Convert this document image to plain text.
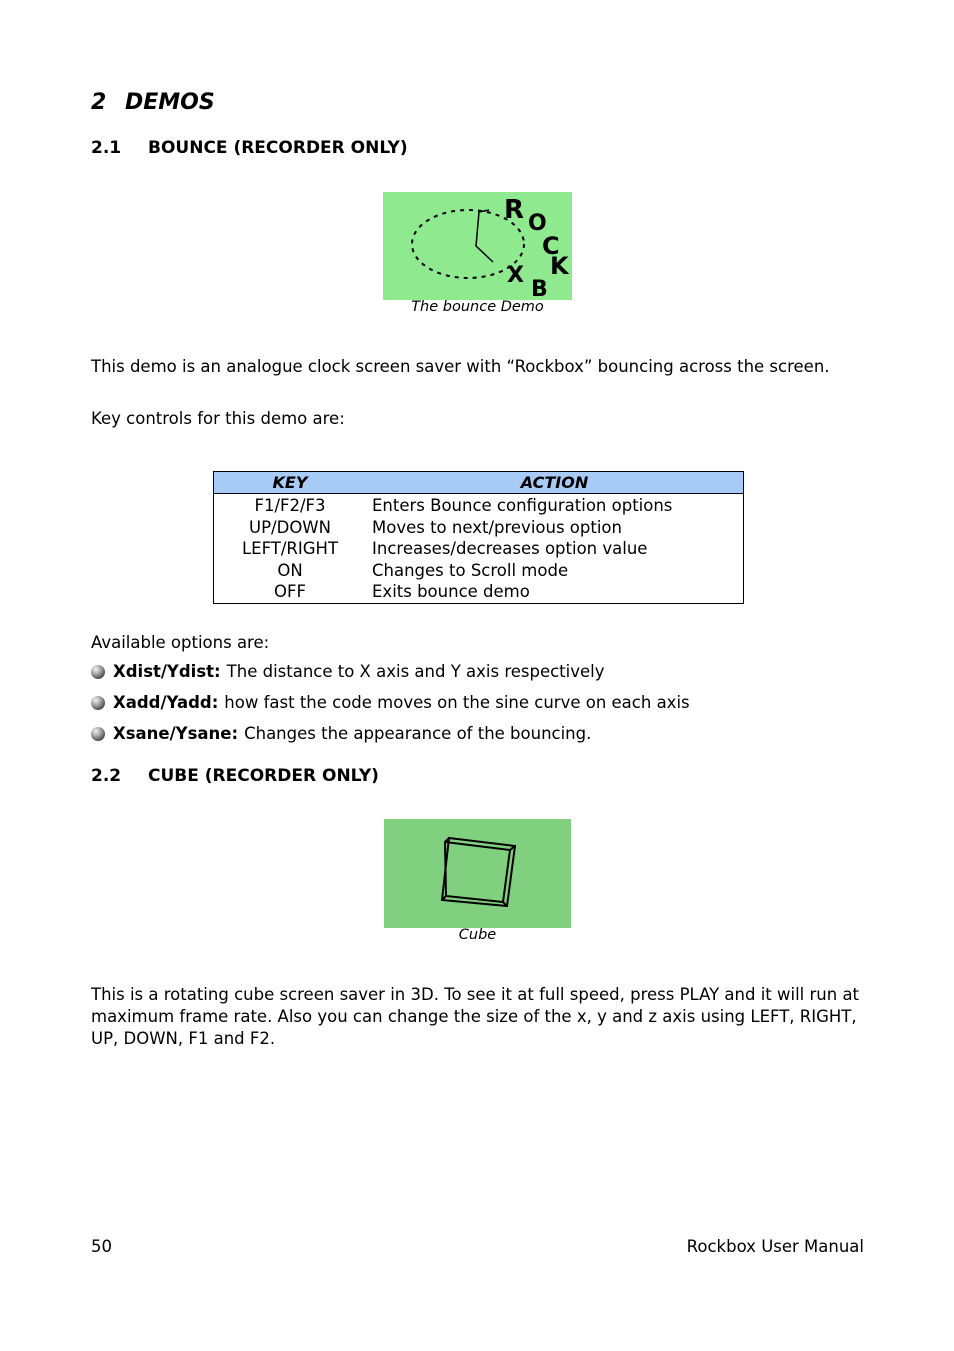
2 DEMOS
2.1 BOUNCE (RECORDER ONLY)
R O
C
K
X
B
The bounce Demo
This demo is an analogue clock screen saver with “Rockbox” bouncing across the screen.
Key controls for this demo are:
KEY	ACTION
F1/F2/F3	Enters Bounce configuration options
UP/DOWN	Moves to next/previous option
LEFT/RIGHT	Increases/decreases option value
ON	Changes to Scroll mode
OFF	Exits bounce demo
Available options are:
Xdist/Ydist: The distance to X axis and Y axis respectively
Xadd/Yadd: how fast the code moves on the sine curve on each axis
Xsane/Ysane: Changes the appearance of the bouncing.
2.2 CUBE (RECORDER ONLY)
Cube
This is a rotating cube screen saver in 3D. To see it at full speed, press PLAY and it will run at maximum frame rate. Also you can change the size of the x, y and z axis using LEFT, RIGHT, UP, DOWN, F1 and F2.
50	Rockbox User Manual
